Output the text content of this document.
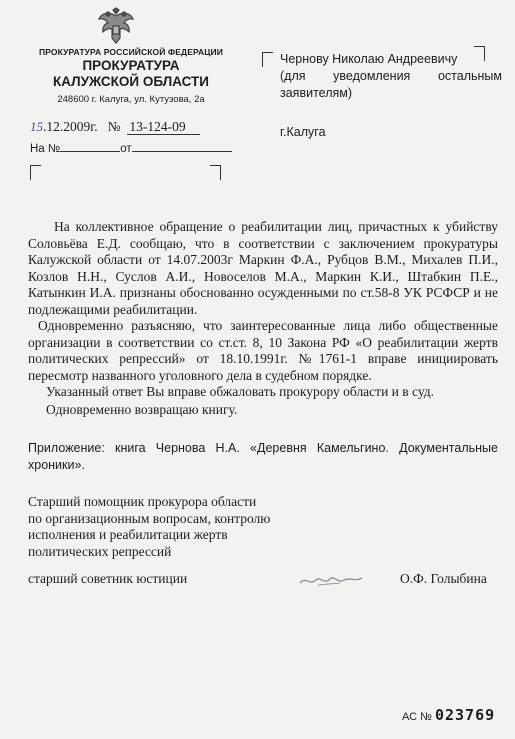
ПРОКУРАТУРА РОССИЙСКОЙ ФЕДЕРАЦИИ
ПРОКУРАТУРА
КАЛУЖСКОЙ ОБЛАСТИ
248600 г. Калуга, ул. Кутузова, 2а
15.12.2009г. № 13-124-09
На №	от
Чернову Николаю Андреевичу
(для уведомления остальным
заявителям)
г.Калуга
На коллективное обращение о реабилитации лиц, причастных к убийству Соловьёва Е.Д. сообщаю, что в соответствии с заключением прокуратуры Калужской области от 14.07.2003г Маркин Ф.А., Рубцов В.М., Михалев П.И., Козлов Н.Н., Суслов А.И., Новоселов М.А., Маркин К.И., Штабкин П.Е., Катынкин И.А. признаны обоснованно осужденными по ст.58-8 УК РСФСР и не подлежащими реабилитации.
Одновременно разъясняю, что заинтересованные лица либо общественные организации в соответствии со ст.ст. 8, 10 Закона РФ «О реабилитации жертв политических репрессий» от 18.10.1991г. №1761-1 вправе инициировать пересмотр названного уголовного дела в судебном порядке.
Указанный ответ Вы вправе обжаловать прокурору области и в суд.
Одновременно возвращаю книгу.
Приложение: книга Чернова Н.А. «Деревня Камельгино. Документальные хроники».
Старший помощник прокурора области
по организационным вопросам, контролю
исполнения и реабилитации жертв
политических репрессий
старший советник юстиции	О.Ф. Голыбина
АС № 023769
